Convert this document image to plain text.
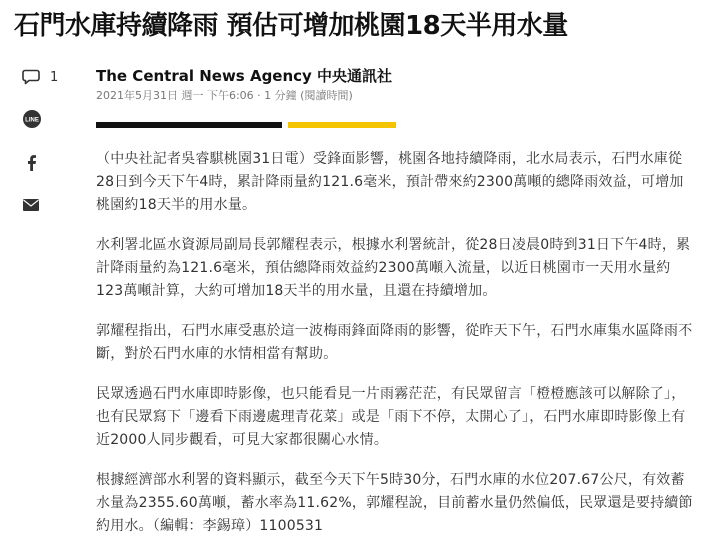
石門水庫持續降雨 預估可增加桃園18天半用水量
1
LINE
The Central News Agency 中央通訊社
2021年5月31日 週一 下午6:06 · 1 分鐘 (閱讀時間)

（中央社記者吳睿騏桃園31日電）受鋒面影響，桃園各地持續降雨，北水局表示，石門水庫從28日到今天下午4時，累計降雨量約121.6毫米，預計帶來約2300萬噸的總降雨效益，可增加桃園約18天半的用水量。

水利署北區水資源局副局長郭耀程表示，根據水利署統計，從28日凌晨0時到31日下午4時，累計降雨量約為121.6毫米，預估總降雨效益約2300萬噸入流量，以近日桃園市一天用水量約123萬噸計算，大約可增加18天半的用水量，且還在持續增加。

郭耀程指出，石門水庫受惠於這一波梅雨鋒面降雨的影響，從昨天下午，石門水庫集水區降雨不斷，對於石門水庫的水情相當有幫助。

民眾透過石門水庫即時影像，也只能看見一片雨霧茫茫，有民眾留言「橙橙應該可以解除了」，也有民眾寫下「邊看下雨邊處理青花菜」或是「雨下不停，太開心了」，石門水庫即時影像上有近2000人同步觀看，可見大家都很關心水情。

根據經濟部水利署的資料顯示，截至今天下午5時30分，石門水庫的水位207.67公尺，有效蓄水量為2355.60萬噸，蓄水率為11.62%，郭耀程說，目前蓄水量仍然偏低，民眾還是要持續節約用水。（編輯：李錫璋）1100531
